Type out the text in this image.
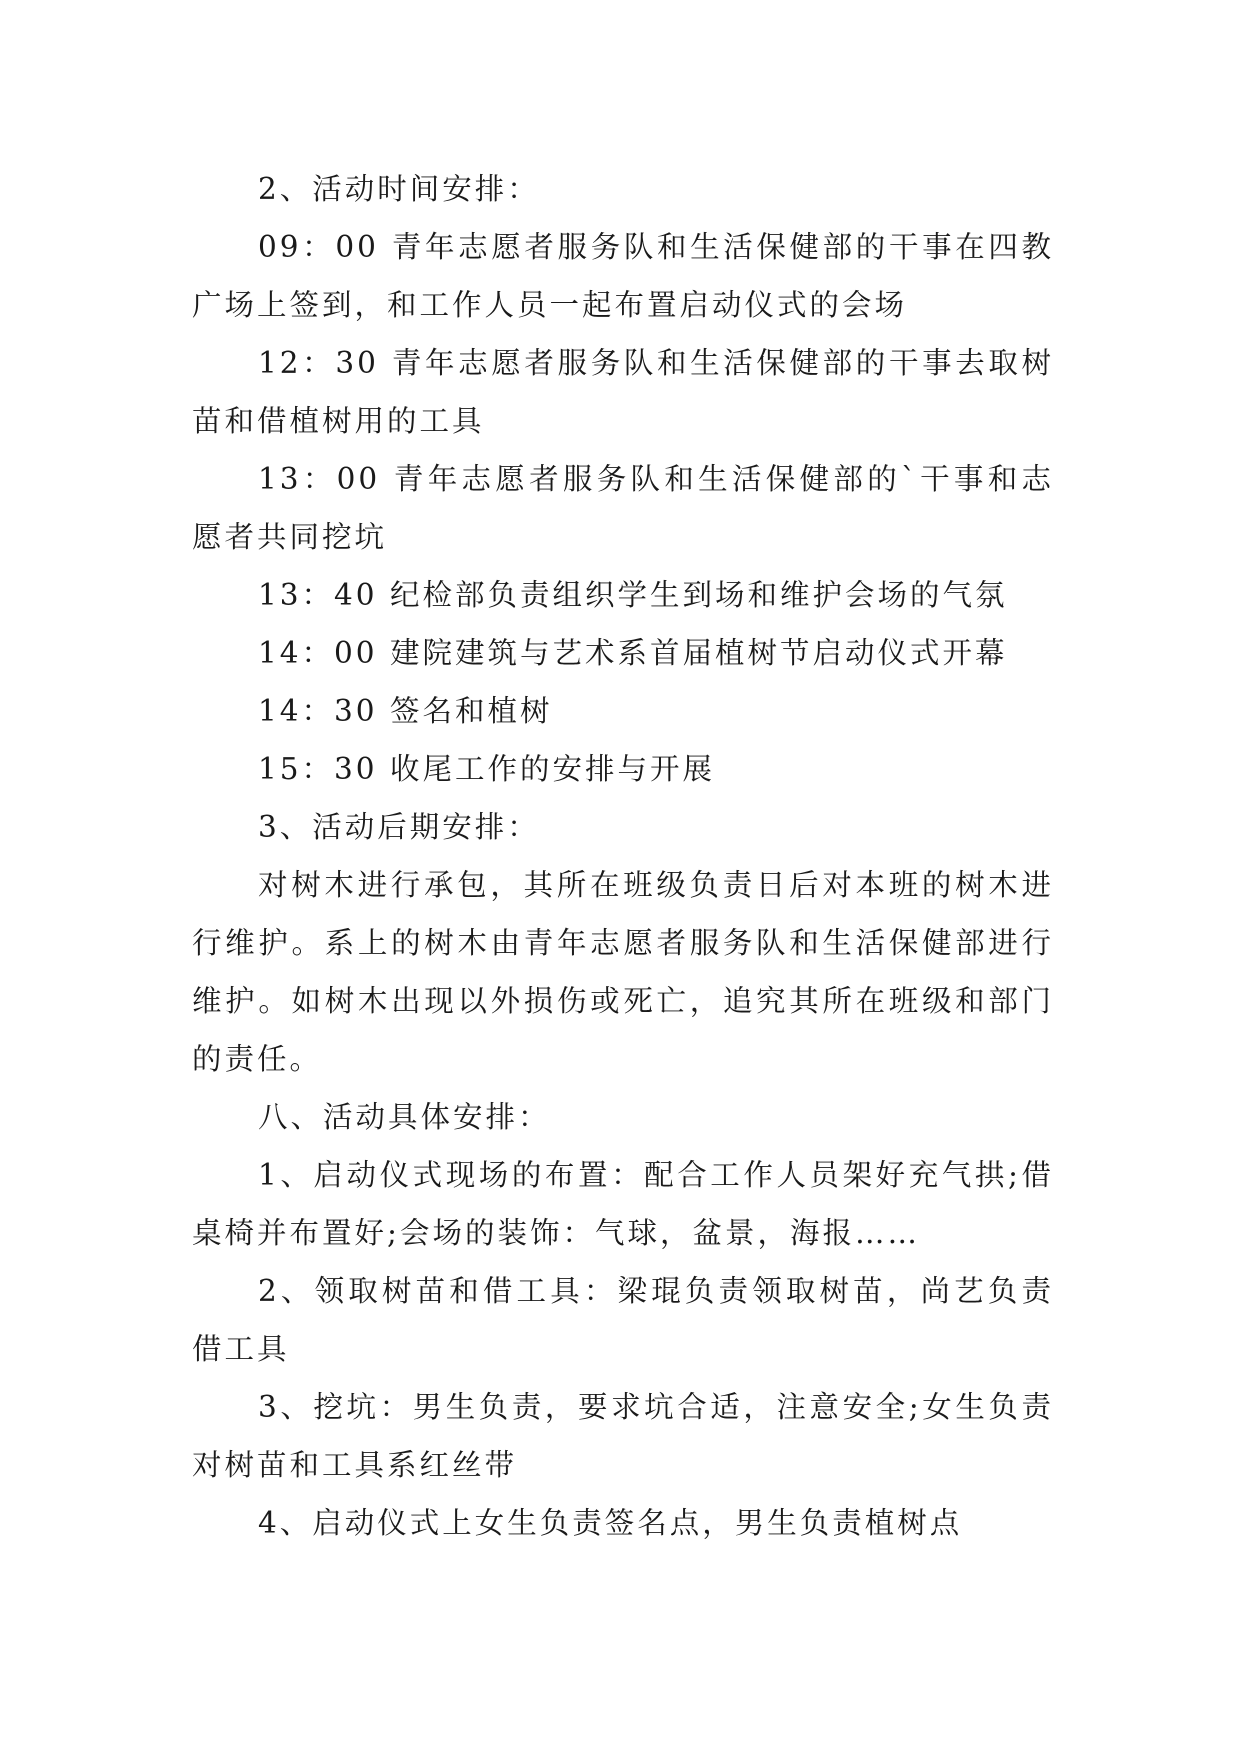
2、活动时间安排：

09：00 青年志愿者服务队和生活保健部的干事在四教广场上签到，和工作人员一起布置启动仪式的会场

12：30 青年志愿者服务队和生活保健部的干事去取树苗和借植树用的工具

13：00 青年志愿者服务队和生活保健部的`干事和志愿者共同挖坑

13：40 纪检部负责组织学生到场和维护会场的气氛

14：00 建院建筑与艺术系首届植树节启动仪式开幕

14：30 签名和植树

15：30 收尾工作的安排与开展

3、活动后期安排：

对树木进行承包，其所在班级负责日后对本班的树木进行维护。系上的树木由青年志愿者服务队和生活保健部进行维护。如树木出现以外损伤或死亡，追究其所在班级和部门的责任。

八、活动具体安排：

1、启动仪式现场的布置：配合工作人员架好充气拱;借桌椅并布置好;会场的装饰：气球，盆景，海报……

2、领取树苗和借工具：梁琨负责领取树苗，尚艺负责借工具

3、挖坑：男生负责，要求坑合适，注意安全;女生负责对树苗和工具系红丝带

4、启动仪式上女生负责签名点，男生负责植树点
